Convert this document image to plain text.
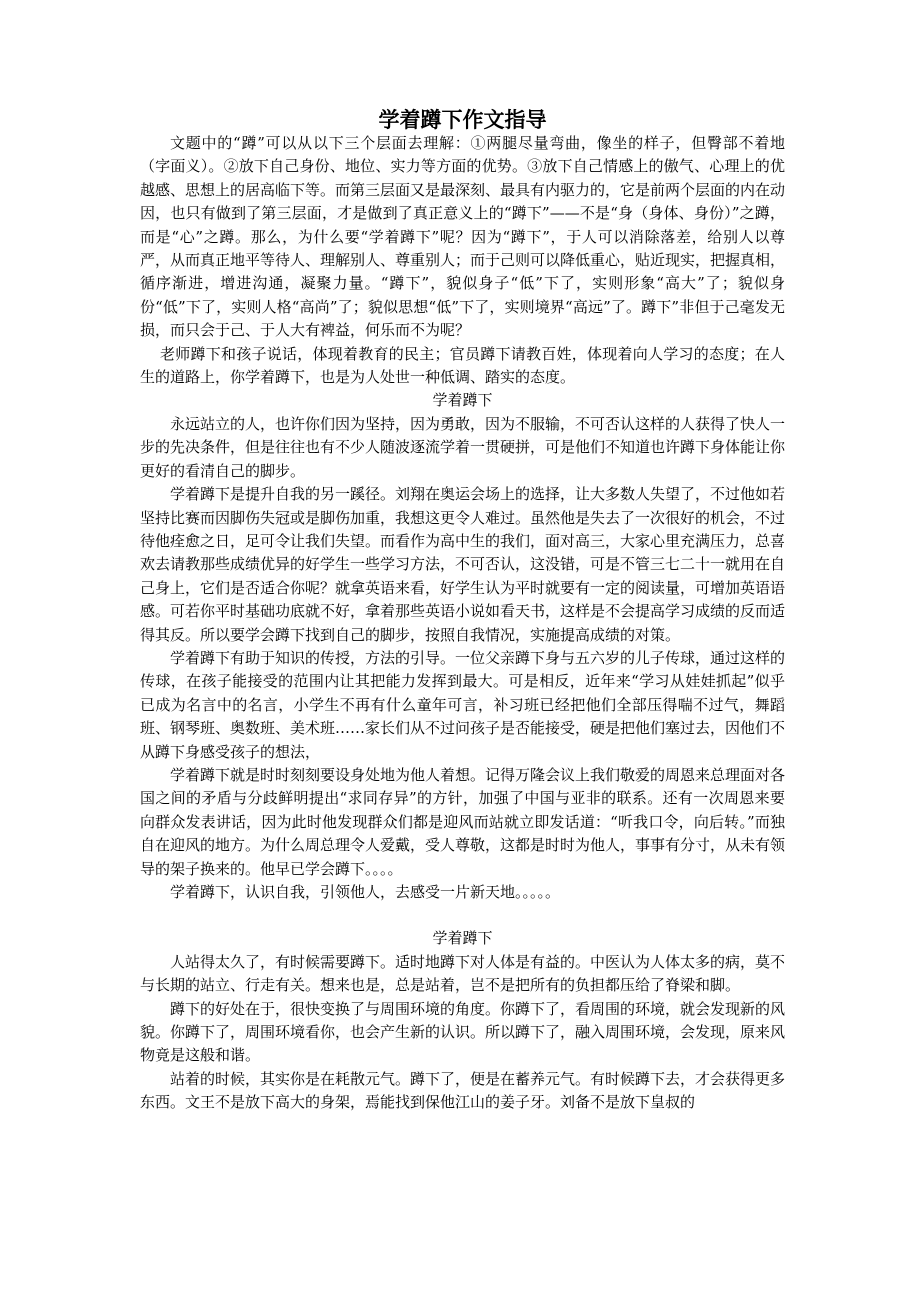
学着蹲下作文指导

文题中的“蹲”可以从以下三个层面去理解：①两腿尽量弯曲，像坐的样子，但臀部不着地（字面义）。②放下自己身份、地位、实力等方面的优势。③放下自己情感上的傲气、心理上的优越感、思想上的居高临下等。而第三层面又是最深刻、最具有内驱力的，它是前两个层面的内在动因，也只有做到了第三层面，才是做到了真正意义上的“蹲下”——不是“身（身体、身份）”之蹲，而是“心”之蹲。那么，为什么要“学着蹲下”呢？因为“蹲下”，于人可以消除落差，给别人以尊严，从而真正地平等待人、理解别人、尊重别人；而于己则可以降低重心，贴近现实，把握真相，循序渐进，增进沟通，凝聚力量。“蹲下”，貌似身子“低”下了，实则形象“高大”了；貌似身份“低”下了，实则人格“高尚”了；貌似思想“低”下了，实则境界“高远”了。蹲下”非但于己毫发无损，而只会于己、于人大有裨益，何乐而不为呢？

老师蹲下和孩子说话，体现着教育的民主；官员蹲下请教百姓，体现着向人学习的态度；在人生的道路上，你学着蹲下，也是为人处世一种低调、踏实的态度。

学着蹲下

永远站立的人，也许你们因为坚持，因为勇敢，因为不服输，不可否认这样的人获得了快人一步的先决条件，但是往往也有不少人随波逐流学着一贯硬拼，可是他们不知道也许蹲下身体能让你更好的看清自己的脚步。

学着蹲下是提升自我的另一蹊径。刘翔在奥运会场上的选择，让大多数人失望了，不过他如若坚持比赛而因脚伤失冠或是脚伤加重，我想这更令人难过。虽然他是失去了一次很好的机会，不过待他痊愈之日，足可令让我们失望。而看作为高中生的我们，面对高三，大家心里充满压力，总喜欢去请教那些成绩优异的好学生一些学习方法，不可否认，这没错，可是不管三七二十一就用在自己身上，它们是否适合你呢？就拿英语来看，好学生认为平时就要有一定的阅读量，可增加英语语感。可若你平时基础功底就不好，拿着那些英语小说如看天书，这样是不会提高学习成绩的反而适得其反。所以要学会蹲下找到自己的脚步，按照自我情况，实施提高成绩的对策。

学着蹲下有助于知识的传授，方法的引导。一位父亲蹲下身与五六岁的儿子传球，通过这样的传球，在孩子能接受的范围内让其把能力发挥到最大。可是相反，近年来“学习从娃娃抓起”似乎已成为名言中的名言，小学生不再有什么童年可言，补习班已经把他们全部压得喘不过气，舞蹈班、钢琴班、奥数班、美术班……家长们从不过问孩子是否能接受，硬是把他们塞过去，因他们不从蹲下身感受孩子的想法，

学着蹲下就是时时刻刻要设身处地为他人着想。记得万隆会议上我们敬爱的周恩来总理面对各国之间的矛盾与分歧鲜明提出“求同存异”的方针，加强了中国与亚非的联系。还有一次周恩来要向群众发表讲话，因为此时他发现群众们都是迎风而站就立即发话道：“听我口令，向后转。”而独自在迎风的地方。为什么周总理令人爱戴，受人尊敬，这都是时时为他人，事事有分寸，从未有领导的架子换来的。他早已学会蹲下。。。。

学着蹲下，认识自我，引领他人，去感受一片新天地。。。。。

学着蹲下

人站得太久了，有时候需要蹲下。适时地蹲下对人体是有益的。中医认为人体太多的病，莫不与长期的站立、行走有关。想来也是，总是站着，岂不是把所有的负担都压给了脊梁和脚。

蹲下的好处在于，很快变换了与周围环境的角度。你蹲下了，看周围的环境，就会发现新的风貌。你蹲下了，周围环境看你，也会产生新的认识。所以蹲下了，融入周围环境，会发现，原来风物竟是这般和谐。

站着的时候，其实你是在耗散元气。蹲下了，便是在蓄养元气。有时候蹲下去，才会获得更多东西。文王不是放下高大的身架，焉能找到保他江山的姜子牙。刘备不是放下皇叔的
